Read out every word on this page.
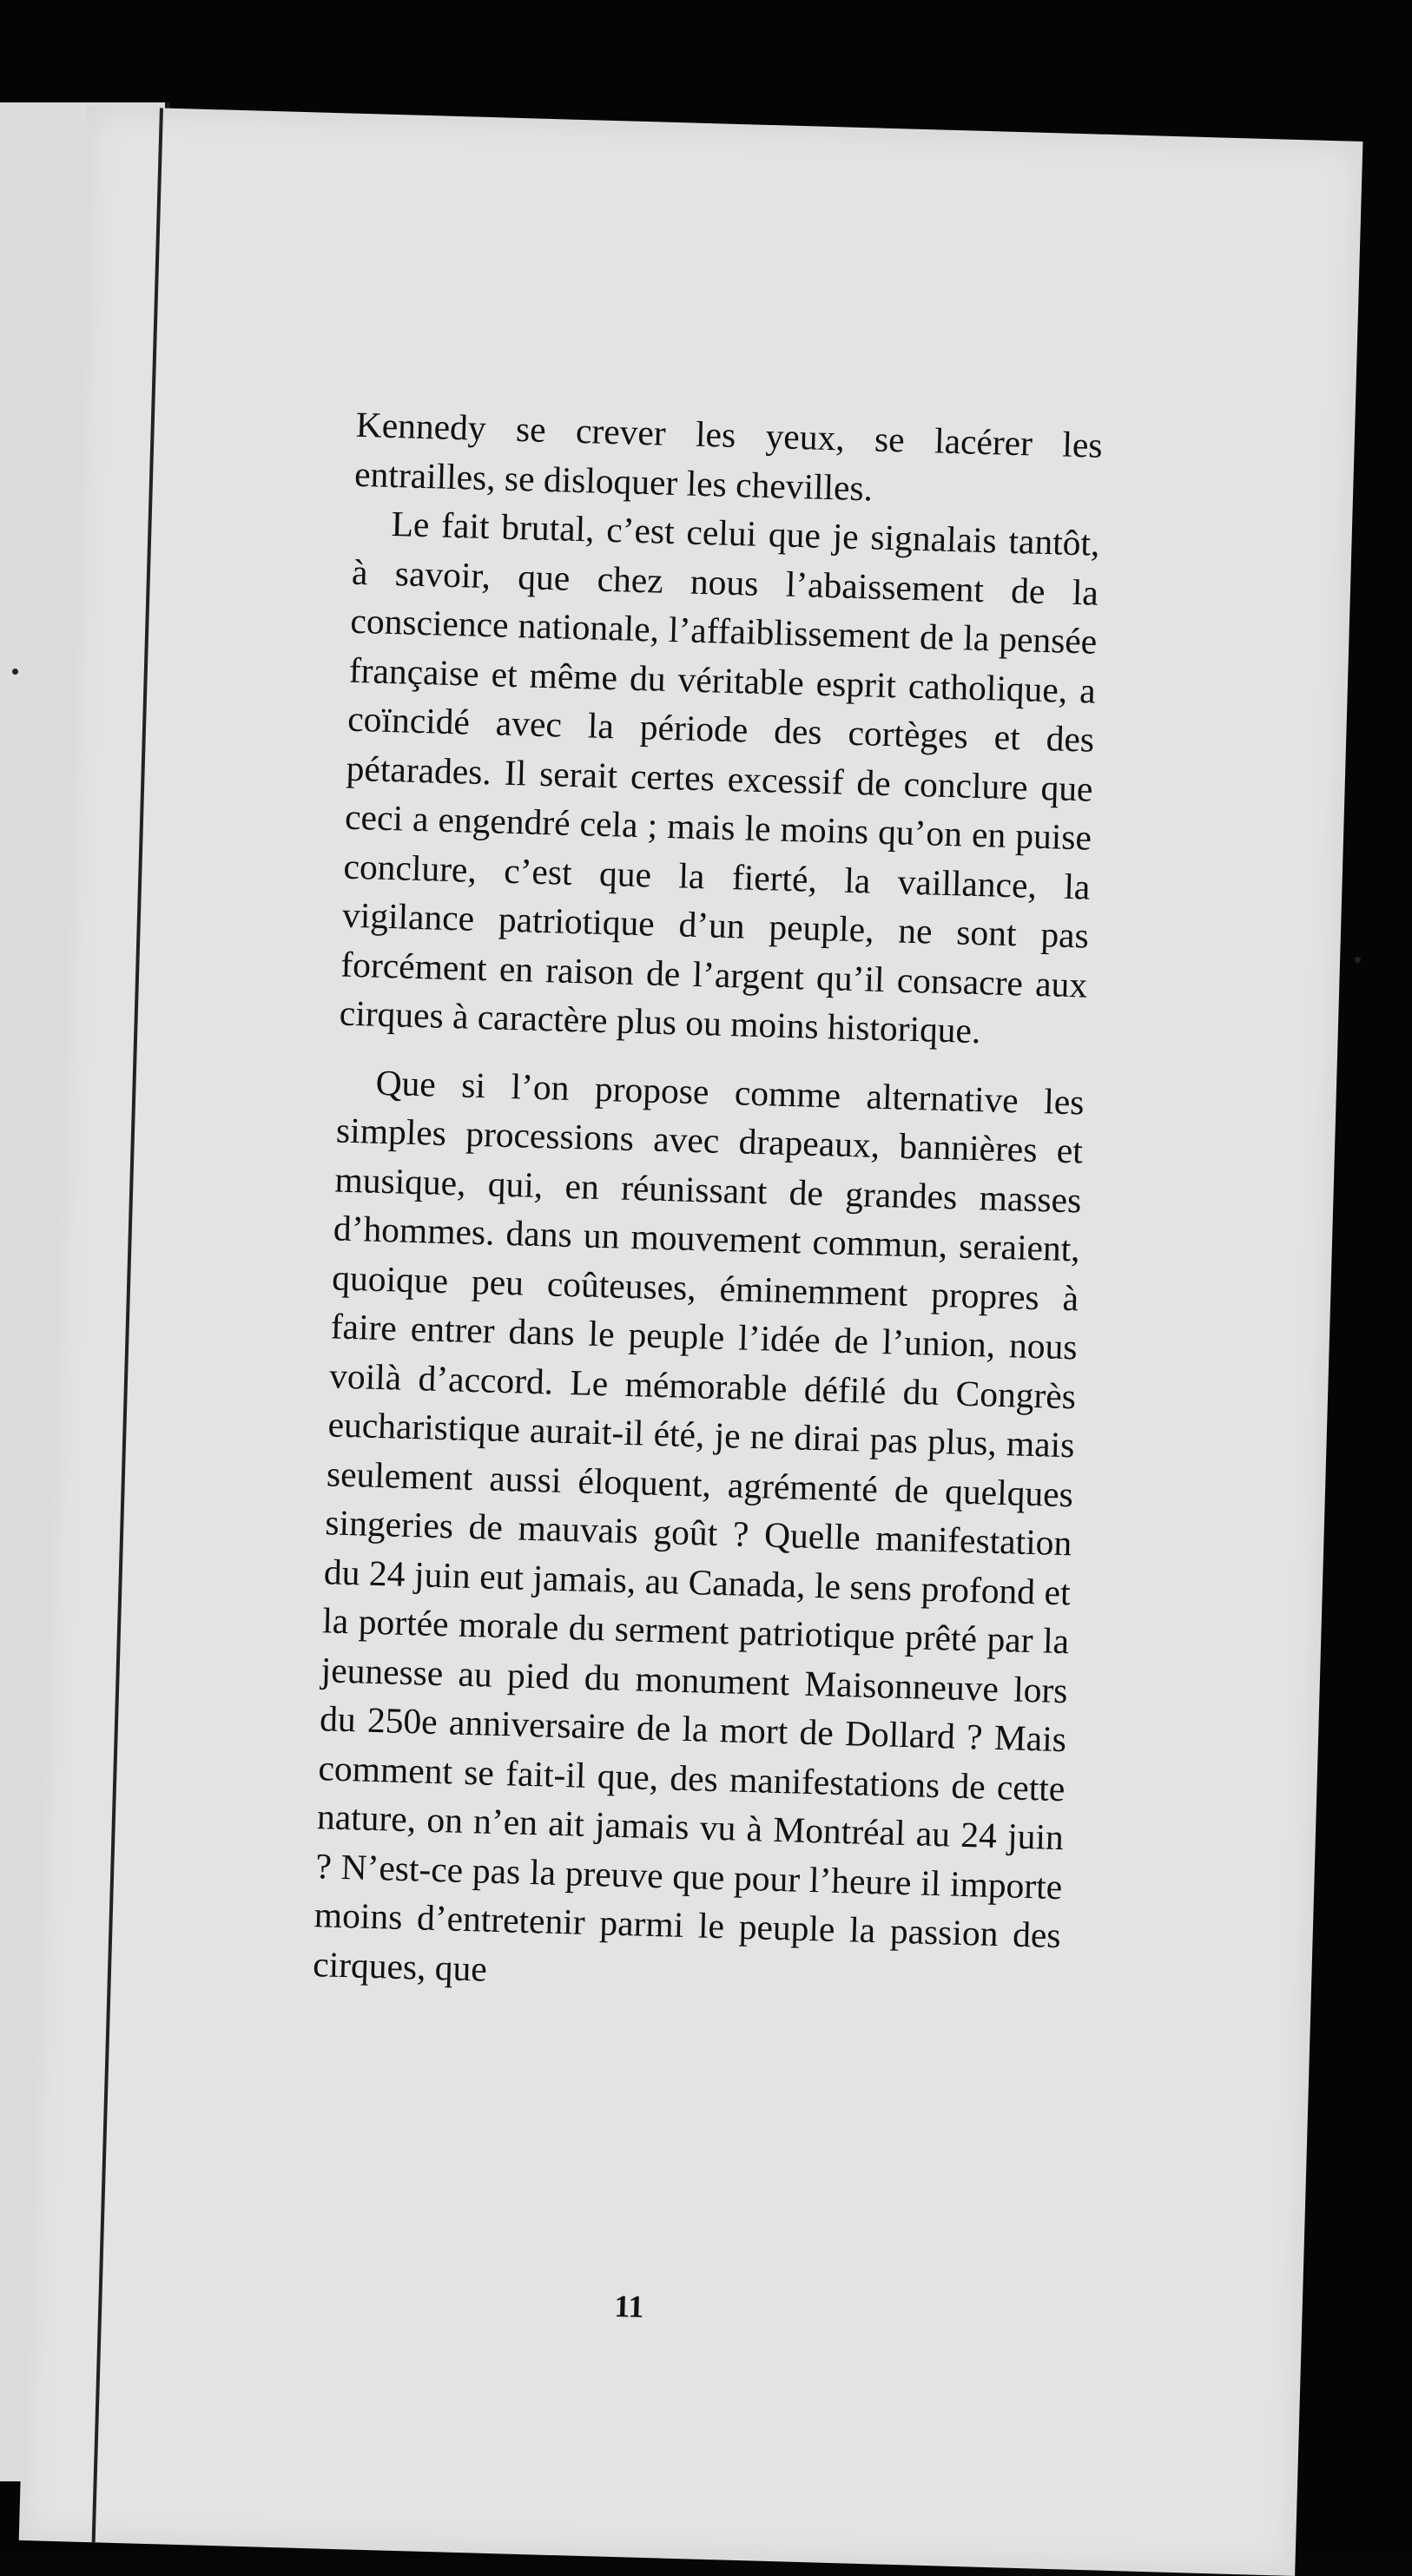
Kennedy se crever les yeux, se lacérer les entrailles, se disloquer les chevilles.

Le fait brutal, c’est celui que je signalais tantôt, à savoir, que chez nous l’abaissement de la conscience nationale, l’affaiblissement de la pensée française et même du véritable esprit catholique, a coïncidé avec la période des cortèges et des pétarades. Il serait certes excessif de conclure que ceci a engendré cela ; mais le moins qu’on en puise conclure, c’est que la fierté, la vaillance, la vigilance patriotique d’un peuple, ne sont pas forcément en raison de l’argent qu’il consacre aux cirques à caractère plus ou moins historique.

Que si l’on propose comme alternative les simples processions avec drapeaux, bannières et musique, qui, en réunissant de grandes masses d’hommes. dans un mouvement commun, seraient, quoique peu coûteuses, éminemment propres à faire entrer dans le peuple l’idée de l’union, nous voilà d’accord. Le mémorable défilé du Congrès eucharistique aurait-il été, je ne dirai pas plus, mais seulement aussi éloquent, agrémenté de quelques singeries de mauvais goût ? Quelle manifestation du 24 juin eut jamais, au Canada, le sens profond et la portée morale du serment patriotique prêté par la jeunesse au pied du monument Maisonneuve lors du 250e anniversaire de la mort de Dollard ? Mais comment se fait-il que, des manifestations de cette nature, on n’en ait jamais vu à Montréal au 24 juin ? N’est-ce pas la preuve que pour l’heure il importe moins d’entretenir parmi le peuple la passion des cirques, que

11
